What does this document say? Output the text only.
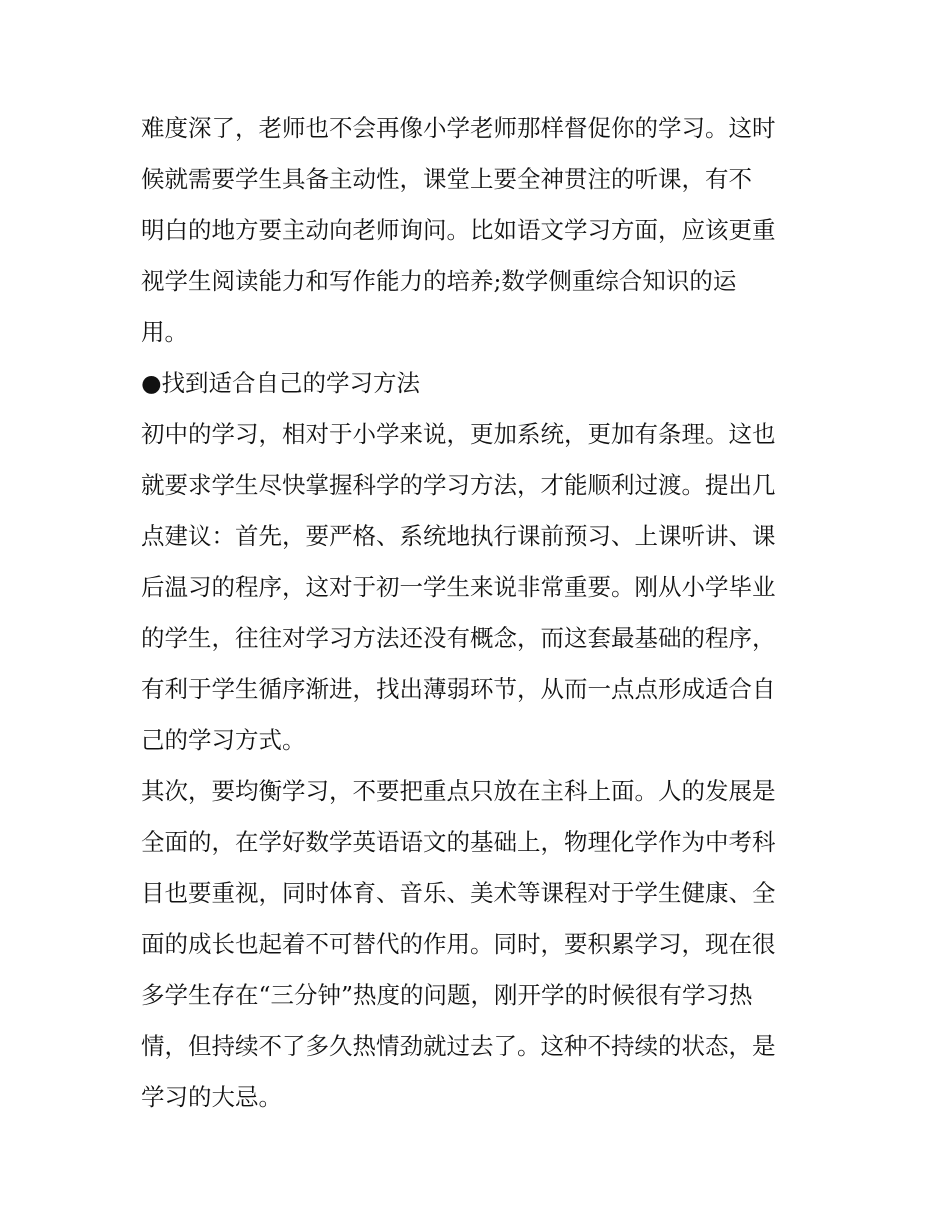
难度深了，老师也不会再像小学老师那样督促你的学习。这时
候就需要学生具备主动性，课堂上要全神贯注的听课，有不
明白的地方要主动向老师询问。比如语文学习方面，应该更重
视学生阅读能力和写作能力的培养;数学侧重综合知识的运
用。
●找到适合自己的学习方法
初中的学习，相对于小学来说，更加系统，更加有条理。这也
就要求学生尽快掌握科学的学习方法，才能顺利过渡。提出几
点建议：首先，要严格、系统地执行课前预习、上课听讲、课
后温习的程序，这对于初一学生来说非常重要。刚从小学毕业
的学生，往往对学习方法还没有概念，而这套最基础的程序，
有利于学生循序渐进，找出薄弱环节，从而一点点形成适合自
己的学习方式。
其次，要均衡学习，不要把重点只放在主科上面。人的发展是
全面的，在学好数学英语语文的基础上，物理化学作为中考科
目也要重视，同时体育、音乐、美术等课程对于学生健康、全
面的成长也起着不可替代的作用。同时，要积累学习，现在很
多学生存在“三分钟”热度的问题，刚开学的时候很有学习热
情，但持续不了多久热情劲就过去了。这种不持续的状态，是
学习的大忌。
